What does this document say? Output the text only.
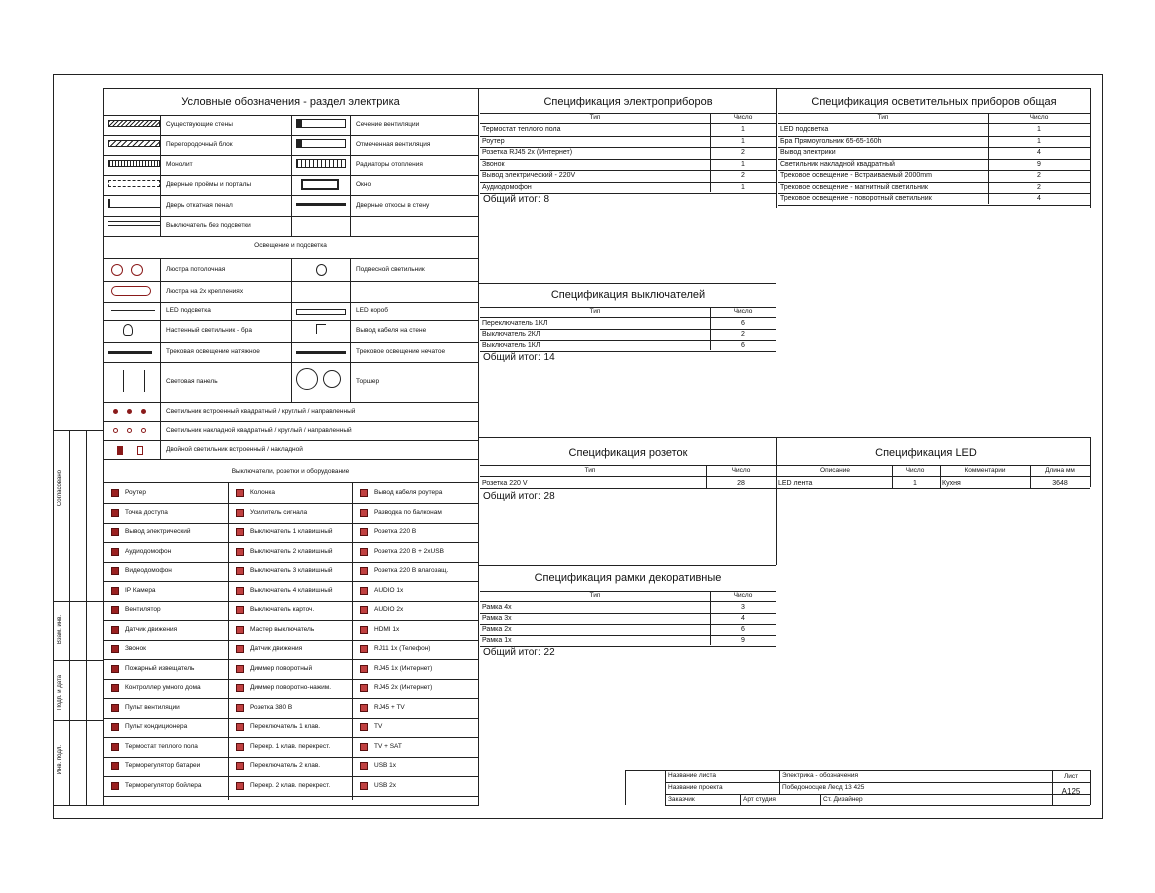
Условные обозначения - раздел электрика
Существующие стены	Сечение вентиляции
Перегородочный блок	Отмеченная вентиляция
Монолит	Радиаторы отопления
Дверные проёмы и порталы	Окно
Дверь откатная пенал	Дверные откосы в стену
Выключатель без подсветки
Освещение и подсветка
Люстра потолочная	Подвесной светильник
Люстра на 2х креплениях
LED подсветка	LED короб
Настенный светильник - бра	Вывод кабеля на стене
Трековая освещение натяжное	Трековое освещение нечатое
Световая панель	Торшер
Светильник встроенный квадратный / круглый / направленный
Светильник накладной квадратный / круглый / направленный
Двойной светильник встроенный / накладной
Выключатели, розетки и оборудование
Роутер	Колонка	Вывод кабеля роутера
Точка доступа	Усилитель сигнала	Разводка по балконам
Вывод электрический	Выключатель 1 клавишный	Розетка 220 В
Аудиодомофон	Выключатель 2 клавишный	Розетка 220 В + 2xUSB
Видеодомофон	Выключатель 3 клавишный	Розетка 220 В влагозащ.
IP Камера	Выключатель 4 клавишный	AUDIO 1x
Вентилятор	Выключатель карточ.	AUDIO 2x
Датчик движения	Мастер выключатель	HDMI 1x
Звонок	Датчик движения	RJ11 1x (Телефон)
Пожарный извещатель	Диммер поворотный	RJ45 1x (Интернет)
Контроллер умного дома	Диммер поворотно-нажим.	RJ45 2x (Интернет)
Пульт вентиляции	Розетка 380 В	RJ45 + TV
Пульт кондиционера	Переключатель 1 клав.	TV
Термостат теплого пола	Перекр. 1 клав. перекрест.	TV + SAT
Терморегулятор батареи	Переключатель 2 клав.	USB 1x
Терморегулятор бойлера	Перекр. 2 клав. перекрест.	USB 2x
Спецификация электроприборов
Тип	Число
Термостат теплого пола	1
Роутер	1
Розетка RJ45 2x (Интернет)	2
Звонок	1
Вывод электрический - 220V	2
Аудиодомофон	1
Общий итог: 8
Спецификация осветительных приборов общая
Тип	Число
LED подсветка	1
Бра Прямоугольник 65-65-160h	1
Вывод электрики	4
Светильник накладной квадратный	9
Трековое освещение - Встраиваемый 2000mm	2
Трековое освещение - магнитный светильник	2
Трековое освещение - поворотный светильник	4
Спецификация выключателей
Тип	Число
Переключатель 1КЛ	6
Выключатель 2КЛ	2
Выключатель 1КЛ	6
Общий итог: 14
Спецификация рамки декоративные
Тип	Число
Рамка 4x	3
Рамка 3x	4
Рамка 2x	6
Рамка 1x	9
Общий итог: 22
Спецификация розеток
Тип	Число
Розетка 220 V	28
Общий итог: 28
Спецификация LED
Описание	Число	Комментарии	Длина мм
LED лента	1	Кухня	3648
Название листа	Электрика - обозначения
Название проекта	Победоносцев Лесд 13 425
Заказчик	Арт студия	Ст. Дизайнер
Лист
A125
Согласовано
Взам. инв.
Подп. и дата
Инв. подл.
